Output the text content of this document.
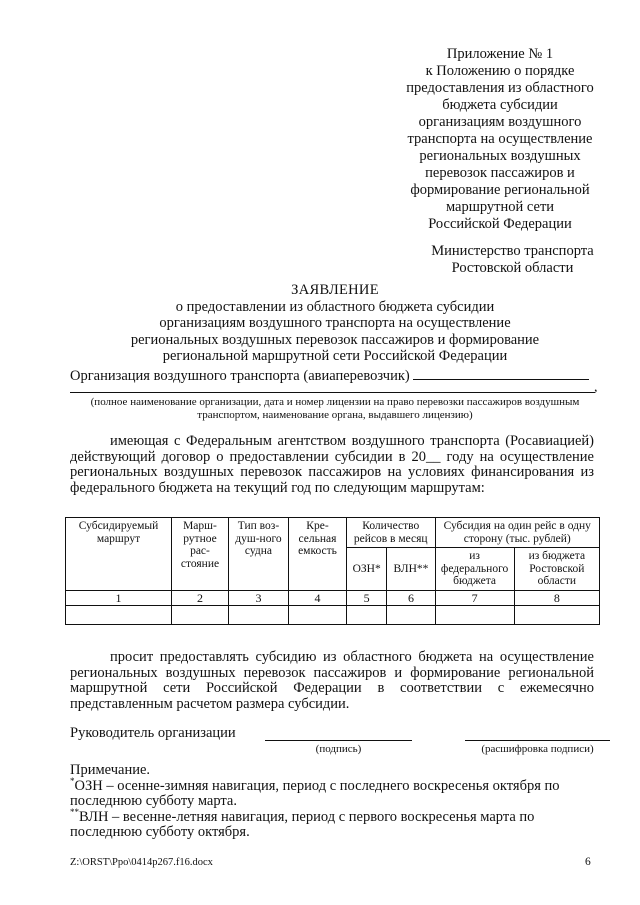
Приложение № 1
к Положению о порядке
предоставления из областного
бюджета субсидии
организациям воздушного
транспорта на осуществление
региональных воздушных
перевозок пассажиров и
формирование региональной
маршрутной сети
Российской Федерации
Министерство транспорта
Ростовской области
ЗАЯВЛЕНИЕ
о предоставлении из областного бюджета субсидии
организациям воздушного транспорта на осуществление
региональных воздушных перевозок пассажиров и формирование
региональной маршрутной сети Российской Федерации
Организация воздушного транспорта (авиаперевозчик)
,
(полное наименование организации, дата и номер лицензии на право перевозки пассажиров воздушным транспортом, наименование органа, выдавшего лицензию)

имеющая с Федеральным агентством воздушного транспорта (Росавиацией) действующий договор о предоставлении субсидии в 20__ году на осуществление региональных воздушных перевозок пассажиров на условиях финансирования из федерального бюджета на текущий год по следующим маршрутам:

Субсидируемый маршрут	Марш-рутное рас-стояние	Тип воз-душ-ного судна	Кре-сельная емкость	Количество рейсов в месяц		Субсидия на один рейс в одну сторону (тыс. рублей)	
				ОЗН*	ВЛН**	из федерального бюджета	из бюджета Ростовской области
1	2	3	4	5	6	7	8

просит предоставлять субсидию из областного бюджета на осуществление региональных воздушных перевозок пассажиров и формирование региональной маршрутной сети Российской Федерации в соответствии с ежемесячно представленным расчетом размера субсидии.

Руководитель организации
(подпись)	(расшифровка подписи)

Примечание.

*ОЗН – осенне-зимняя навигация, период с последнего воскресенья октября по последнюю субботу марта.

**ВЛН – весенне-летняя навигация, период с первого воскресенья марта по последнюю субботу октября.

Z:\ORST\Ppo\0414p267.f16.docx	6
